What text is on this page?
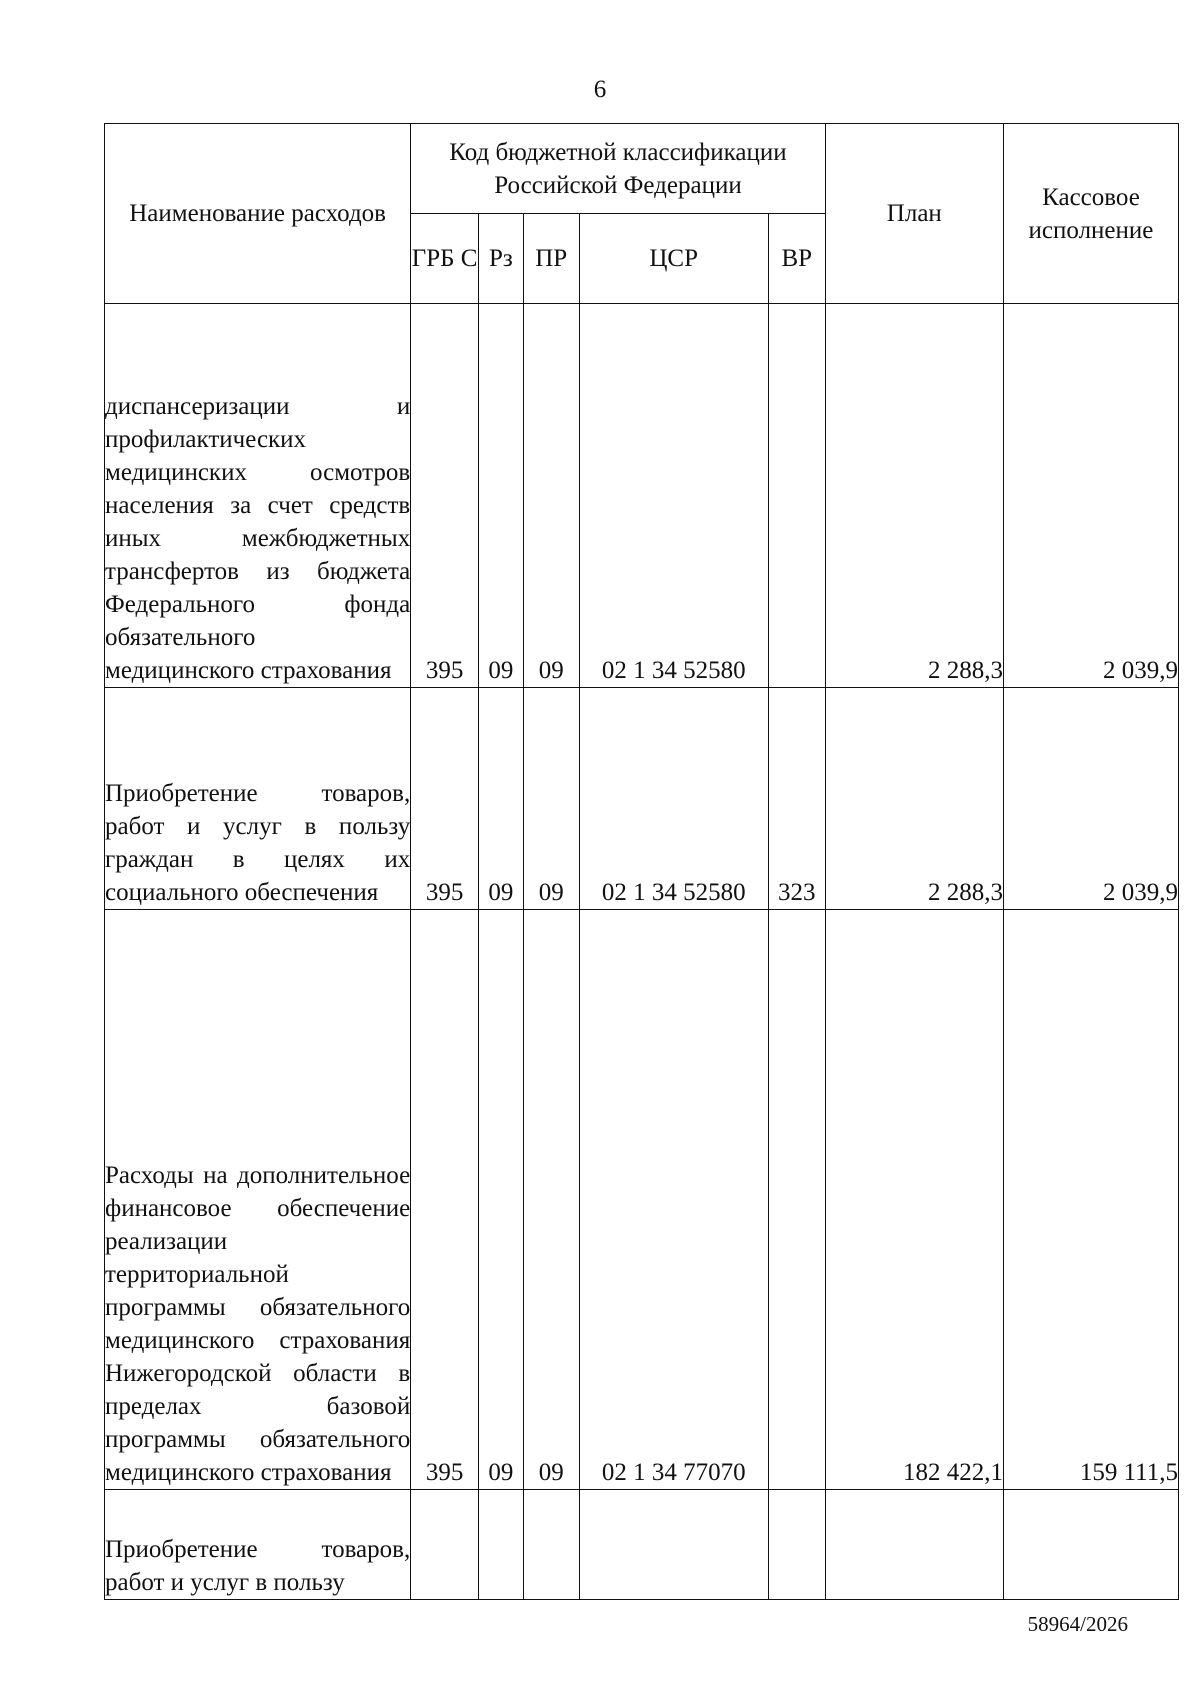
6
Наименование расходов	Код бюджетной классификации Российской Федерации					План	Кассовое исполнение
	ГРБ С	Рз	ПР	ЦСР	ВР		
диспансеризации и профилактических медицинских осмотров населения за счет средств иных межбюджетных трансфертов из бюджета Федерального фонда обязательного медицинского страхования	395	09	09	02 1 34 52580		2 288,3	2 039,9
Приобретение товаров, работ и услуг в пользу граждан в целях их социального обеспечения	395	09	09	02 1 34 52580	323	2 288,3	2 039,9
Расходы на дополнительное финансовое обеспечение реализации территориальной программы обязательного медицинского страхования Нижегородской области в пределах базовой программы обязательного медицинского страхования	395	09	09	02 1 34 77070		182 422,1	159 111,5
Приобретение товаров, работ и услуг в пользу							
58964/2026
